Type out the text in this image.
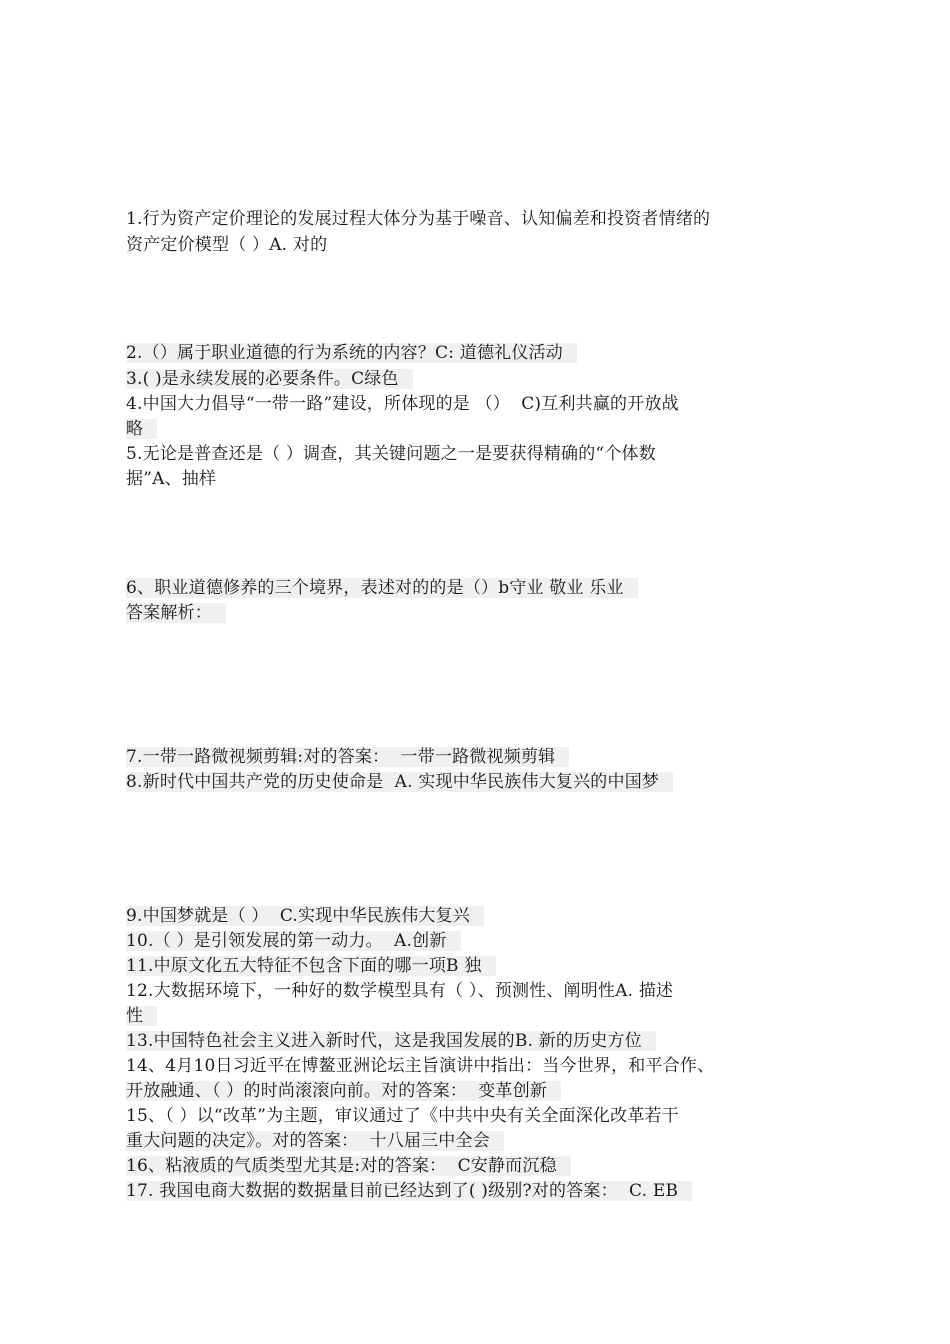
1.行为资产定价理论的发展过程大体分为基于噪音、认知偏差和投资者情绪的
资产定价模型（ ）A. 对的
2.（）属于职业道德的行为系统的内容？C: 道德礼仪活动
3.( )是永续发展的必要条件。C绿色
4.中国大力倡导“一带一路”建设，所体现的是 （）  C)互利共赢的开放战
略
5.无论是普查还是（ ）调查，其关键问题之一是要获得精确的“个体数
据”A、抽样
6、职业道德修养的三个境界，表述对的的是（）b守业 敬业 乐业
答案解析：
7.一带一路微视频剪辑:对的答案：  一带一路微视频剪辑
8.新时代中国共产党的历史使命是  A. 实现中华民族伟大复兴的中国梦
9.中国梦就是（ ）  C.实现中华民族伟大复兴
10.（ ）是引领发展的第一动力。  A.创新
11.中原文化五大特征不包含下面的哪一项B 独
12.大数据环境下，一种好的数学模型具有（ ）、预测性、阐明性A. 描述
性
13.中国特色社会主义进入新时代，这是我国发展的B. 新的历史方位
14、4月10日习近平在博鳌亚洲论坛主旨演讲中指出：当今世界，和平合作、
开放融通、（ ）的时尚滚滚向前。对的答案：  变革创新
15、（ ）以“改革”为主题，审议通过了《中共中央有关全面深化改革若干
重大问题的决定》。对的答案：  十八届三中全会
16、粘液质的气质类型尤其是:对的答案：  C安静而沉稳
17. 我国电商大数据的数据量目前已经达到了( )级别?对的答案：  C. EB
